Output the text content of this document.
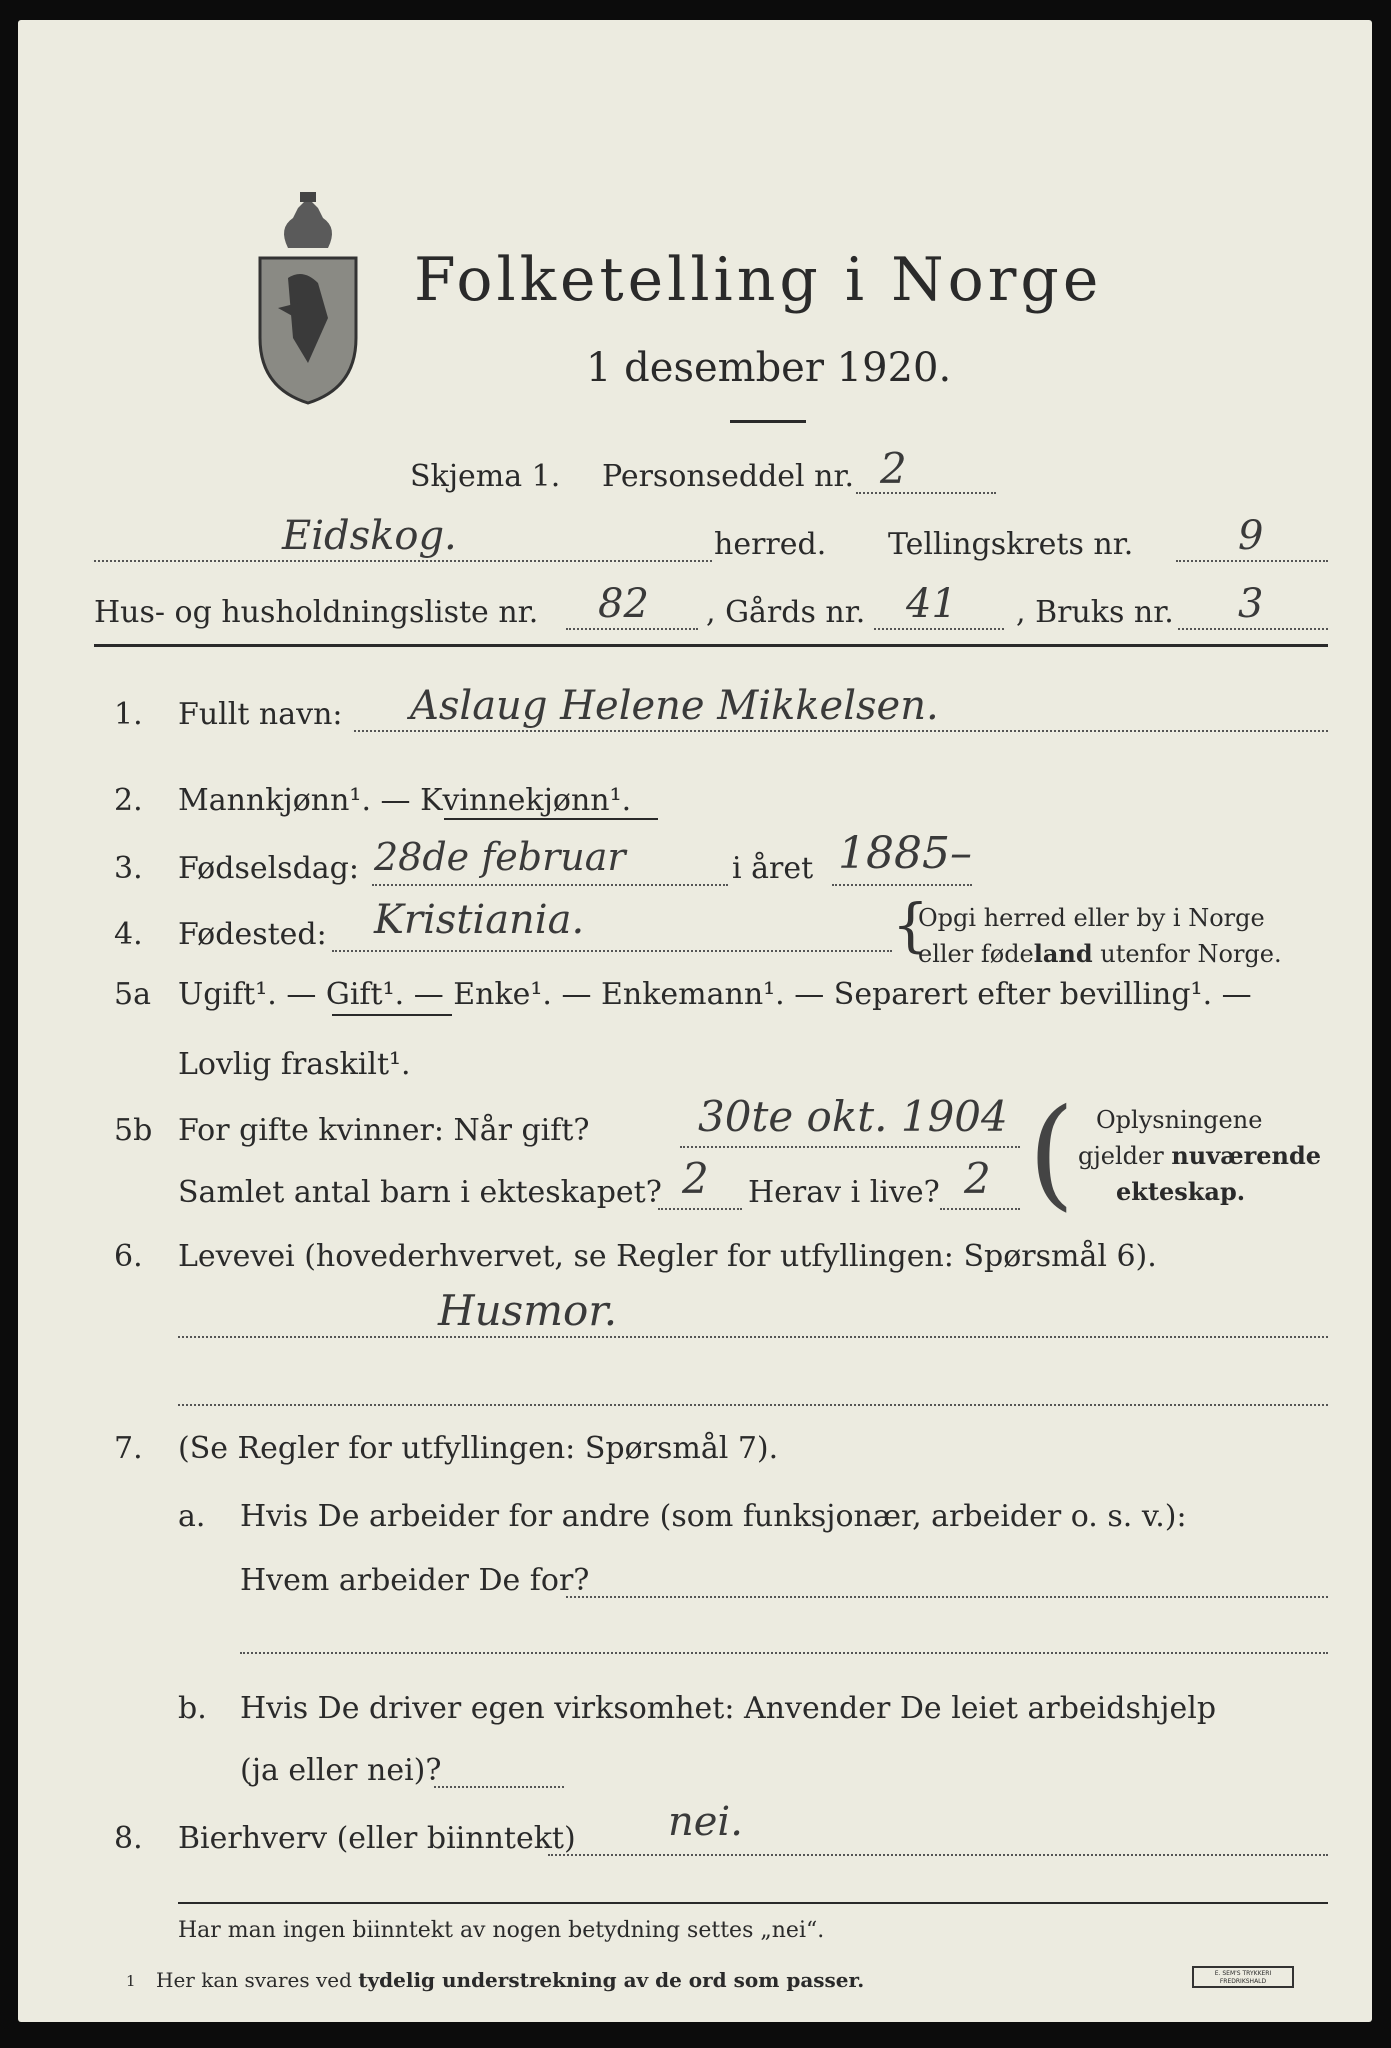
Folketelling i Norge
1 desember 1920.
Skjema 1. Personseddel nr. 2
Eidskog.	herred. Tellingskrets nr.	9
Hus- og husholdningsliste nr. 82 , Gårds nr. 41 , Bruks nr. 3
1. Fullt navn: Aslaug Helene Mikkelsen.
2. Mannkjønn¹. — Kvinnekjønn¹.
3. Fødselsdag: 28de februar	i året 1885–
4. Fødested: Kristiania.	{
Opgi herred eller by i Norge
eller fødeland utenfor Norge.
5a Ugift¹. — Gift¹. — Enke¹. — Enkemann¹. — Separert efter bevilling¹. —
Lovlig fraskilt¹.
5b For gifte kvinner: Når gift?	30te okt. 1904
Samlet antal barn i ekteskapet? 2 Herav i live? 2 ( Oplysningene
gjelder nuværende
ekteskap.
6. Levevei (hovederhvervet, se Regler for utfyllingen: Spørsmål 6).
Husmor.
7. (Se Regler for utfyllingen: Spørsmål 7).
a. Hvis De arbeider for andre (som funksjonær, arbeider o. s. v.):
Hvem arbeider De for?
b. Hvis De driver egen virksomhet: Anvender De leiet arbeidshjelp
(ja eller nei)?
8. Bierhverv (eller biinntekt) nei.
Har man ingen biinntekt av nogen betydning settes „nei“.
1 Her kan svares ved tydelig understrekning av de ord som passer.	E. SEM'S TRYKKERI
FREDRIKSHALD
